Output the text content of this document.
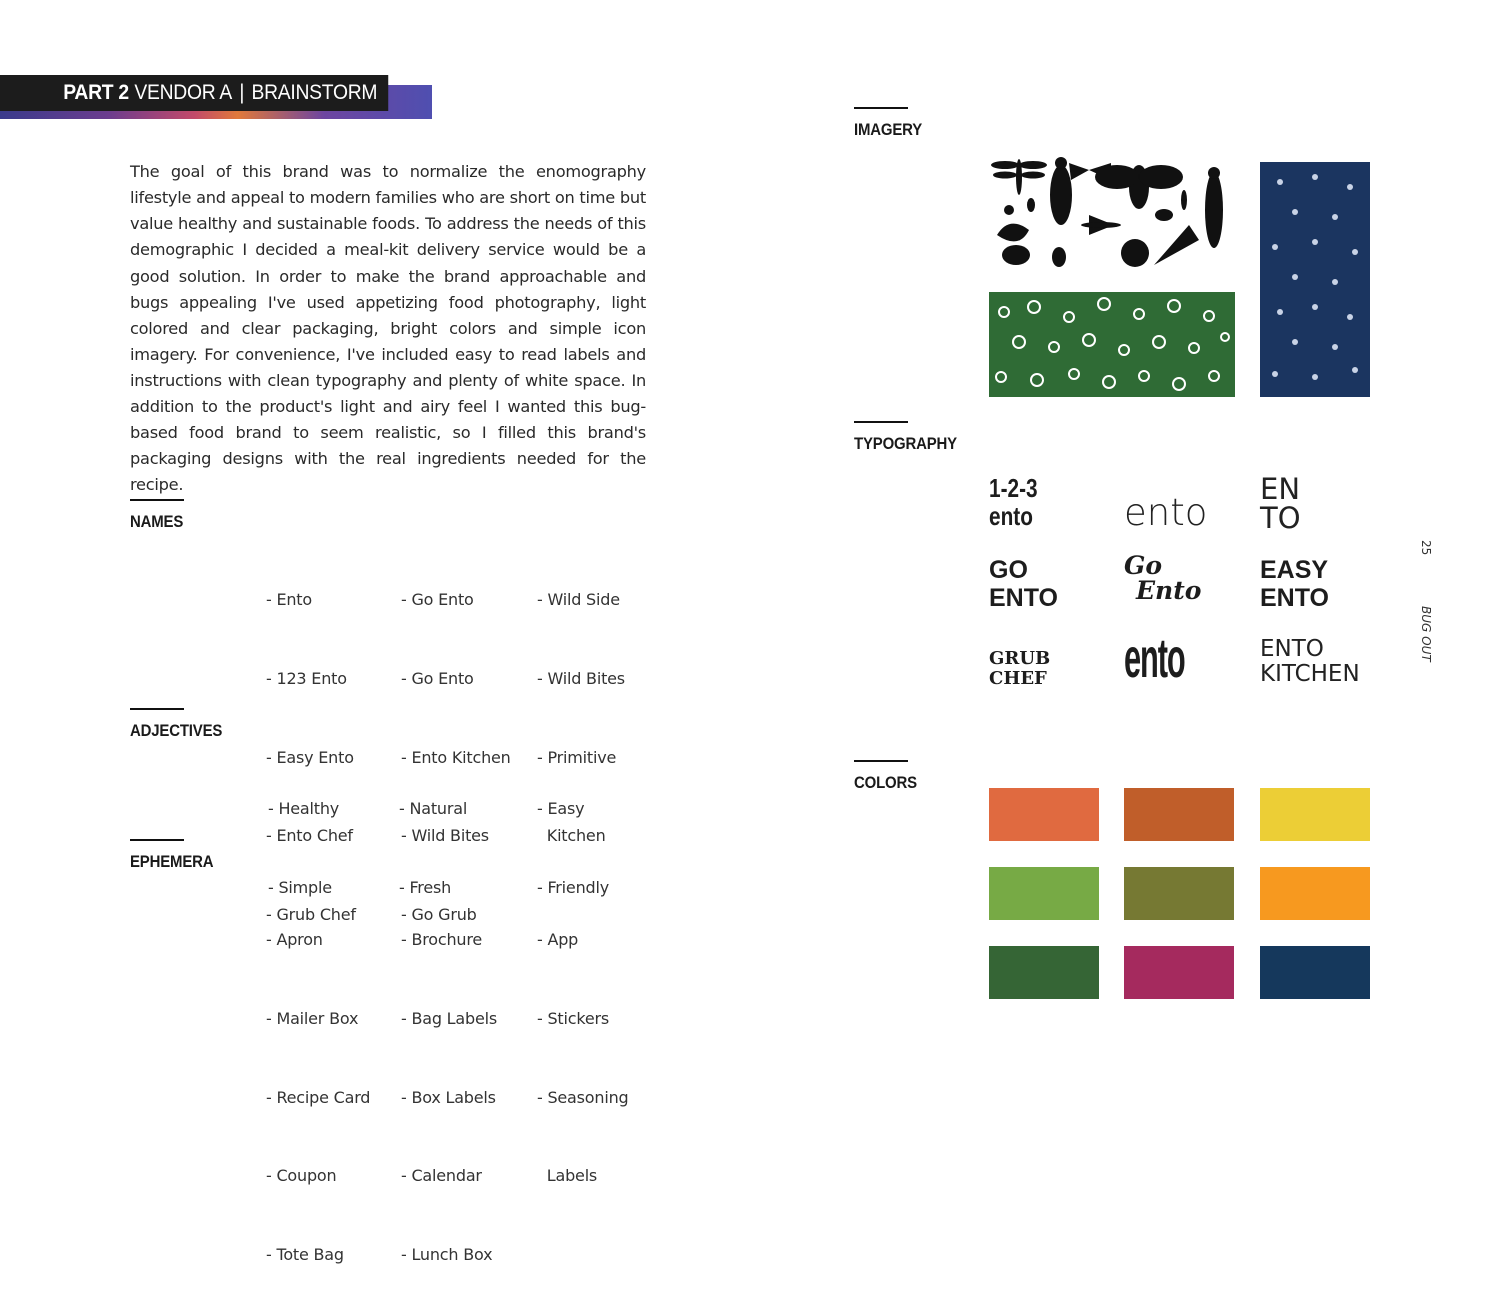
PART 2 VENDOR A | BRAINSTORM

The goal of this brand was to normalize the enomography lifestyle and appeal to modern families who are short on time but value healthy and sustainable foods. To address the needs of this demographic I decided a meal-kit delivery service would be a good solution. In order to make the brand approachable and bugs appealing I've used appetizing food photography, light colored and clear packaging, bright colors and simple icon imagery. For convenience, I've included easy to read labels and instructions with clean typography and plenty of white space. In addition to the product's light and airy feel I wanted this bug-based food brand to seem realistic, so I filled this brand's packaging designs with the real ingredients needed for the recipe.

NAMES

- Ento

- 123 Ento

- Easy Ento

- Ento Chef

- Grub Chef

- Go Ento

- Go Ento

- Ento Kitchen

- Wild Bites

- Go Grub

- Wild Side

- Wild Bites

- Primitive

Kitchen

ADJECTIVES

- Healthy

- Simple

- Natural

- Fresh

- Easy

- Friendly

EPHEMERA

- Apron

- Mailer Box

- Recipe Card

- Coupon

- Tote Bag

- Brochure

- Bag Labels

- Box Labels

- Calendar

- Lunch Box

- App

- Stickers

- Seasoning

Labels

IMAGERY
TYPOGRAPHY
1-2-3
ento ento
EN
TO
GO
ENTO
Go
Ento
EASY
ENTO
GRUB
CHEF ento	ENTO
KITCHEN
COLORS
25
BUG OUT
